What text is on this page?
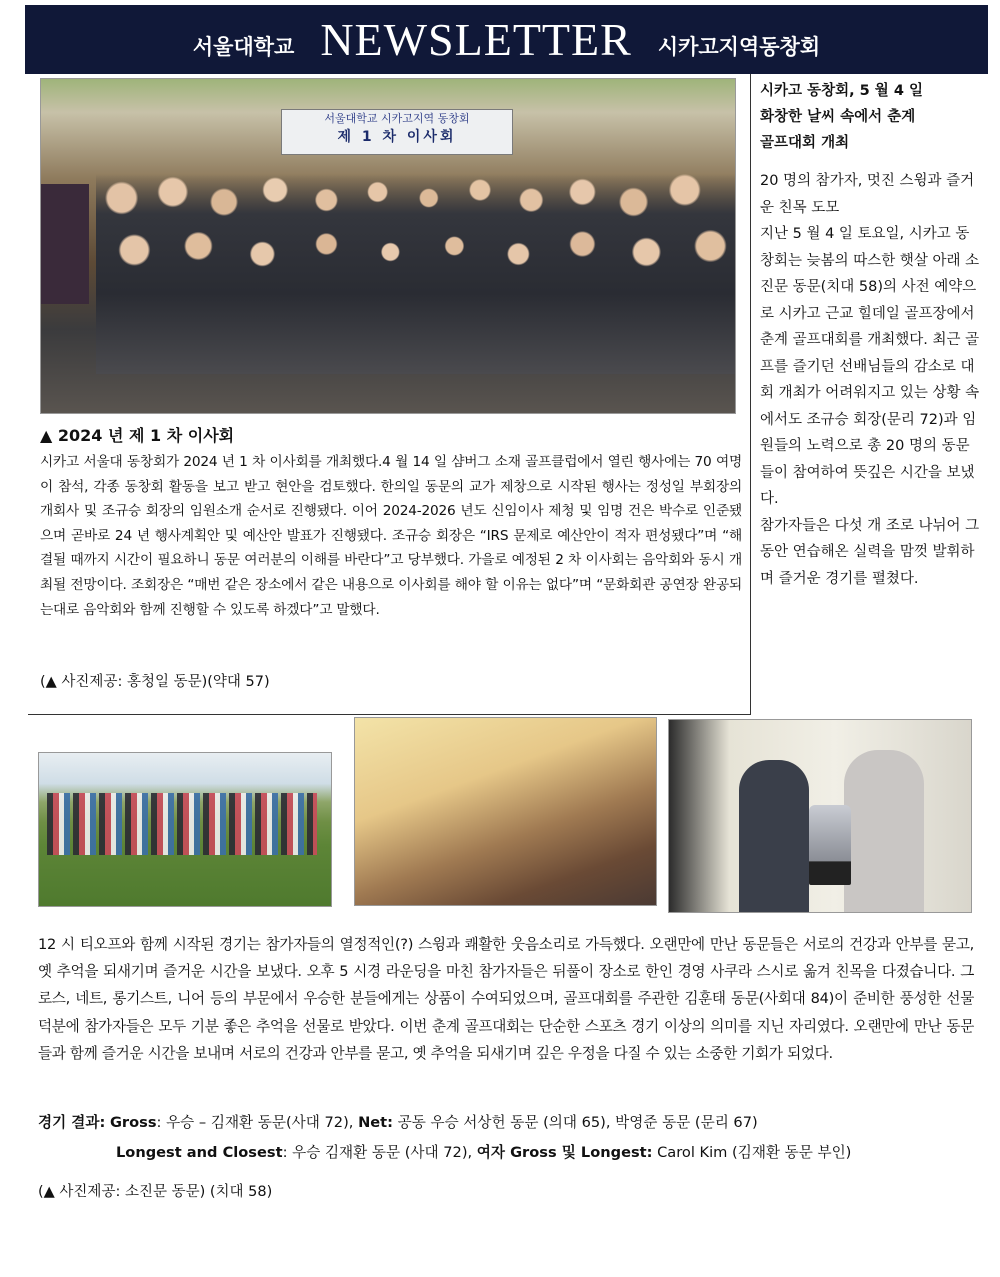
서울대학교 NEWSLETTER 시카고지역동창회
서울대학교 시카고지역 동창회
제 1 차 이사회
▲ 2024 년 제 1 차 이사회
시카고 서울대 동창회가 2024 년 1 차 이사회를 개최했다.4 월 14 일 샴버그 소재 골프클럽에서 열린 행사에는 70 여명이 참석, 각종 동창회 활동을 보고 받고 현안을 검토했다. 한의일 동문의 교가 제창으로 시작된 행사는 정성일 부회장의 개회사 및 조규승 회장의 임원소개 순서로 진행됐다. 이어 2024-2026 년도 신임이사 제청 및 임명 건은 박수로 인준됐으며 곧바로 24 년 행사계획안 및 예산안 발표가 진행됐다. 조규승 회장은 “IRS 문제로 예산안이 적자 편성됐다”며 “해결될 때까지 시간이 필요하니 동문 여러분의 이해를 바란다”고 당부했다. 가을로 예정된 2 차 이사회는 음악회와 동시 개최될 전망이다. 조회장은 “매번 같은 장소에서 같은 내용으로 이사회를 해야 할 이유는 없다”며 “문화회관 공연장 완공되는대로 음악회와 함께 진행할 수 있도록 하겠다”고 말했다.
(▲ 사진제공: 홍청일 동문)(약대 57)
시카고 동창회, 5 월 4 일
화창한 날씨 속에서 춘계
골프대회 개최

20 명의 참가자, 멋진 스윙과 즐거운 친목 도모

지난 5 월 4 일 토요일, 시카고 동창회는 늦봄의 따스한 햇살 아래 소진문 동문(치대 58)의 사전 예약으로 시카고 근교 힐데일 골프장에서 춘계 골프대회를 개최했다. 최근 골프를 즐기던 선배님들의 감소로 대회 개최가 어려워지고 있는 상황 속에서도 조규승 회장(문리 72)과 임원들의 노력으로 총 20 명의 동문들이 참여하여 뜻깊은 시간을 보냈다.

참가자들은 다섯 개 조로 나뉘어 그동안 연습해온 실력을 맘껏 발휘하며 즐거운 경기를 펼쳤다.

12 시 티오프와 함께 시작된 경기는 참가자들의 열정적인(?) 스윙과 쾌활한 웃음소리로 가득했다. 오랜만에 만난 동문들은 서로의 건강과 안부를 묻고, 옛 추억을 되새기며 즐거운 시간을 보냈다. 오후 5 시경 라운딩을 마친 참가자들은 뒤풀이 장소로 한인 경영 사쿠라 스시로 옮겨 친목을 다졌습니다. 그로스, 네트, 롱기스트, 니어 등의 부문에서 우승한 분들에게는 상품이 수여되었으며, 골프대회를 주관한 김훈태 동문(사회대 84)이 준비한 풍성한 선물 덕분에 참가자들은 모두 기분 좋은 추억을 선물로 받았다. 이번 춘계 골프대회는 단순한 스포츠 경기 이상의 의미를 지닌 자리였다. 오랜만에 만난 동문들과 함께 즐거운 시간을 보내며 서로의 건강과 안부를 묻고, 옛 추억을 되새기며 깊은 우정을 다질 수 있는 소중한 기회가 되었다.
경기 결과: Gross: 우승 – 김재환 동문(사대 72), Net: 공동 우승 서상헌 동문 (의대 65), 박영준 동문 (문리 67)
Longest and Closest: 우승 김재환 동문 (사대 72), 여자 Gross 및 Longest: Carol Kim (김재환 동문 부인)
(▲ 사진제공: 소진문 동문) (치대 58)
